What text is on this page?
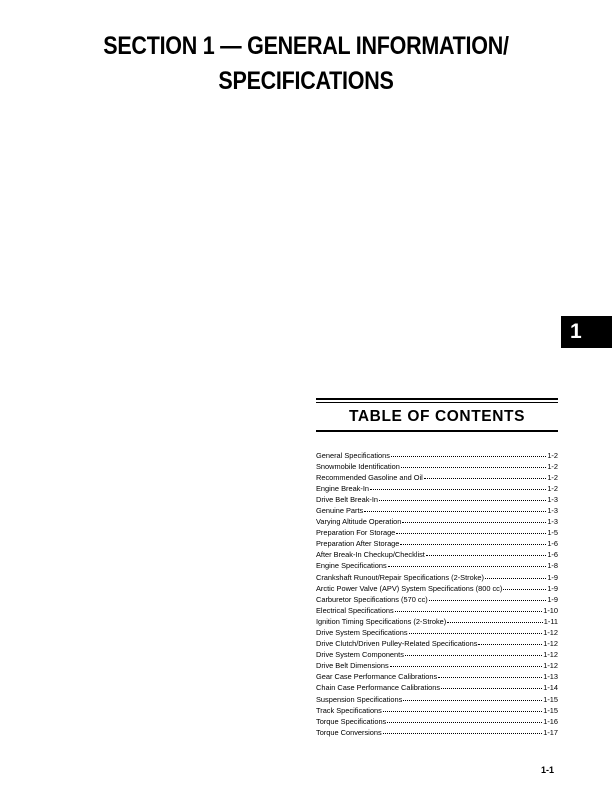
SECTION 1 — GENERAL INFORMATION/
SPECIFICATIONS
1
TABLE OF CONTENTS
General Specifications	1-2
Snowmobile Identification	1-2
Recommended Gasoline and Oil	1-2
Engine Break-In	1-2
Drive Belt Break-In	1-3
Genuine Parts	1-3
Varying Altitude Operation	1-3
Preparation For Storage	1-5
Preparation After Storage	1-6
After Break-In Checkup/Checklist	1-6
Engine Specifications	1-8
Crankshaft Runout/Repair Specifications (2-Stroke)	1-9
Arctic Power Valve (APV) System Specifications (800 cc)	1-9
Carburetor Specifications (570 cc)	1-9
Electrical Specifications	1-10
Ignition Timing Specifications (2-Stroke)	1-11
Drive System Specifications	1-12
Drive Clutch/Driven Pulley-Related Specifications	1-12
Drive System Components	1-12
Drive Belt Dimensions	1-12
Gear Case Performance Calibrations	1-13
Chain Case Performance Calibrations	1-14
Suspension Specifications	1-15
Track Specifications	1-15
Torque Specifications	1-16
Torque Conversions	1-17
1-1
